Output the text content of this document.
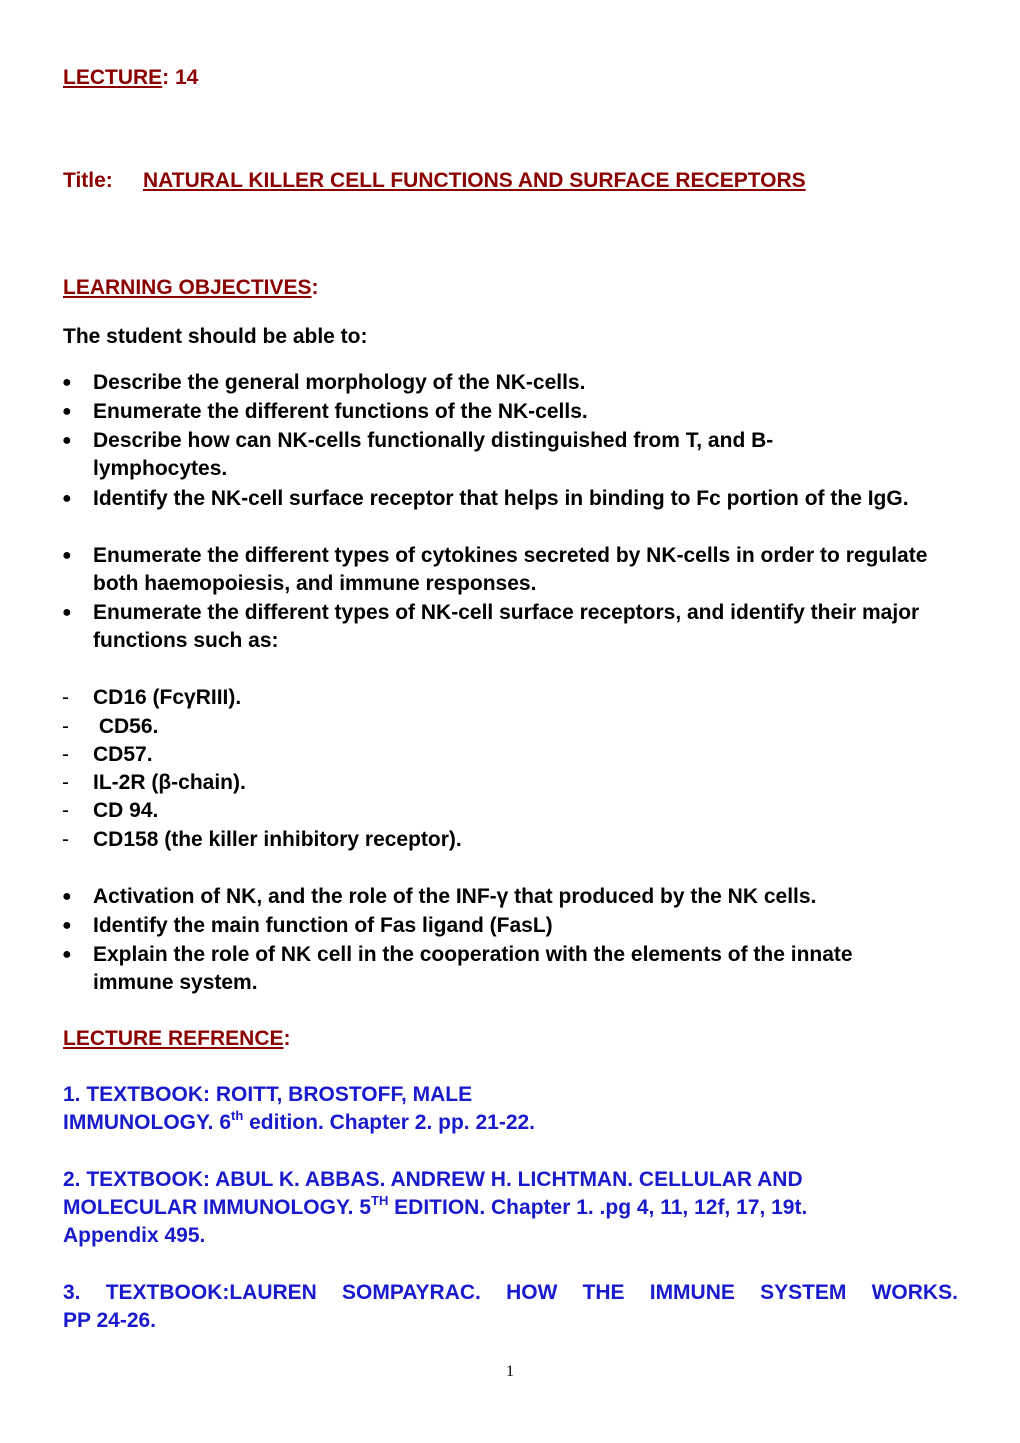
LECTURE: 14
Title: NATURAL KILLER CELL FUNCTIONS AND SURFACE RECEPTORS
LEARNING OBJECTIVES:
The student should be able to:
● Describe the general morphology of the NK-cells.
● Enumerate the different functions of the NK-cells.
● Describe how can NK-cells functionally distinguished from T, and B-lymphocytes.
● Identify the NK-cell surface receptor that helps in binding to Fc portion of the IgG.
● Enumerate the different types of cytokines secreted by NK-cells in order to regulate both haemopoiesis, and immune responses.
● Enumerate the different types of NK-cell surface receptors, and identify their major functions such as:
- CD16 (FcγRIII).
- CD56.
- CD57.
- IL-2R (β-chain).
- CD 94.
- CD158 (the killer inhibitory receptor).
● Activation of NK, and the role of the INF-γ that produced by the NK cells.
● Identify the main function of Fas ligand (FasL)
● Explain the role of NK cell in the cooperation with the elements of the innate immune system.
LECTURE REFRENCE:
1. TEXTBOOK: ROITT, BROSTOFF, MALE
IMMUNOLOGY. 6th edition. Chapter 2. pp. 21-22.
2. TEXTBOOK: ABUL K. ABBAS. ANDREW H. LICHTMAN. CELLULAR AND
MOLECULAR IMMUNOLOGY. 5TH EDITION. Chapter 1. .pg 4, 11, 12f, 17, 19t.
Appendix 495.
3. TEXTBOOK:LAUREN SOMPAYRAC. HOW THE IMMUNE SYSTEM WORKS.
PP 24-26.
1
